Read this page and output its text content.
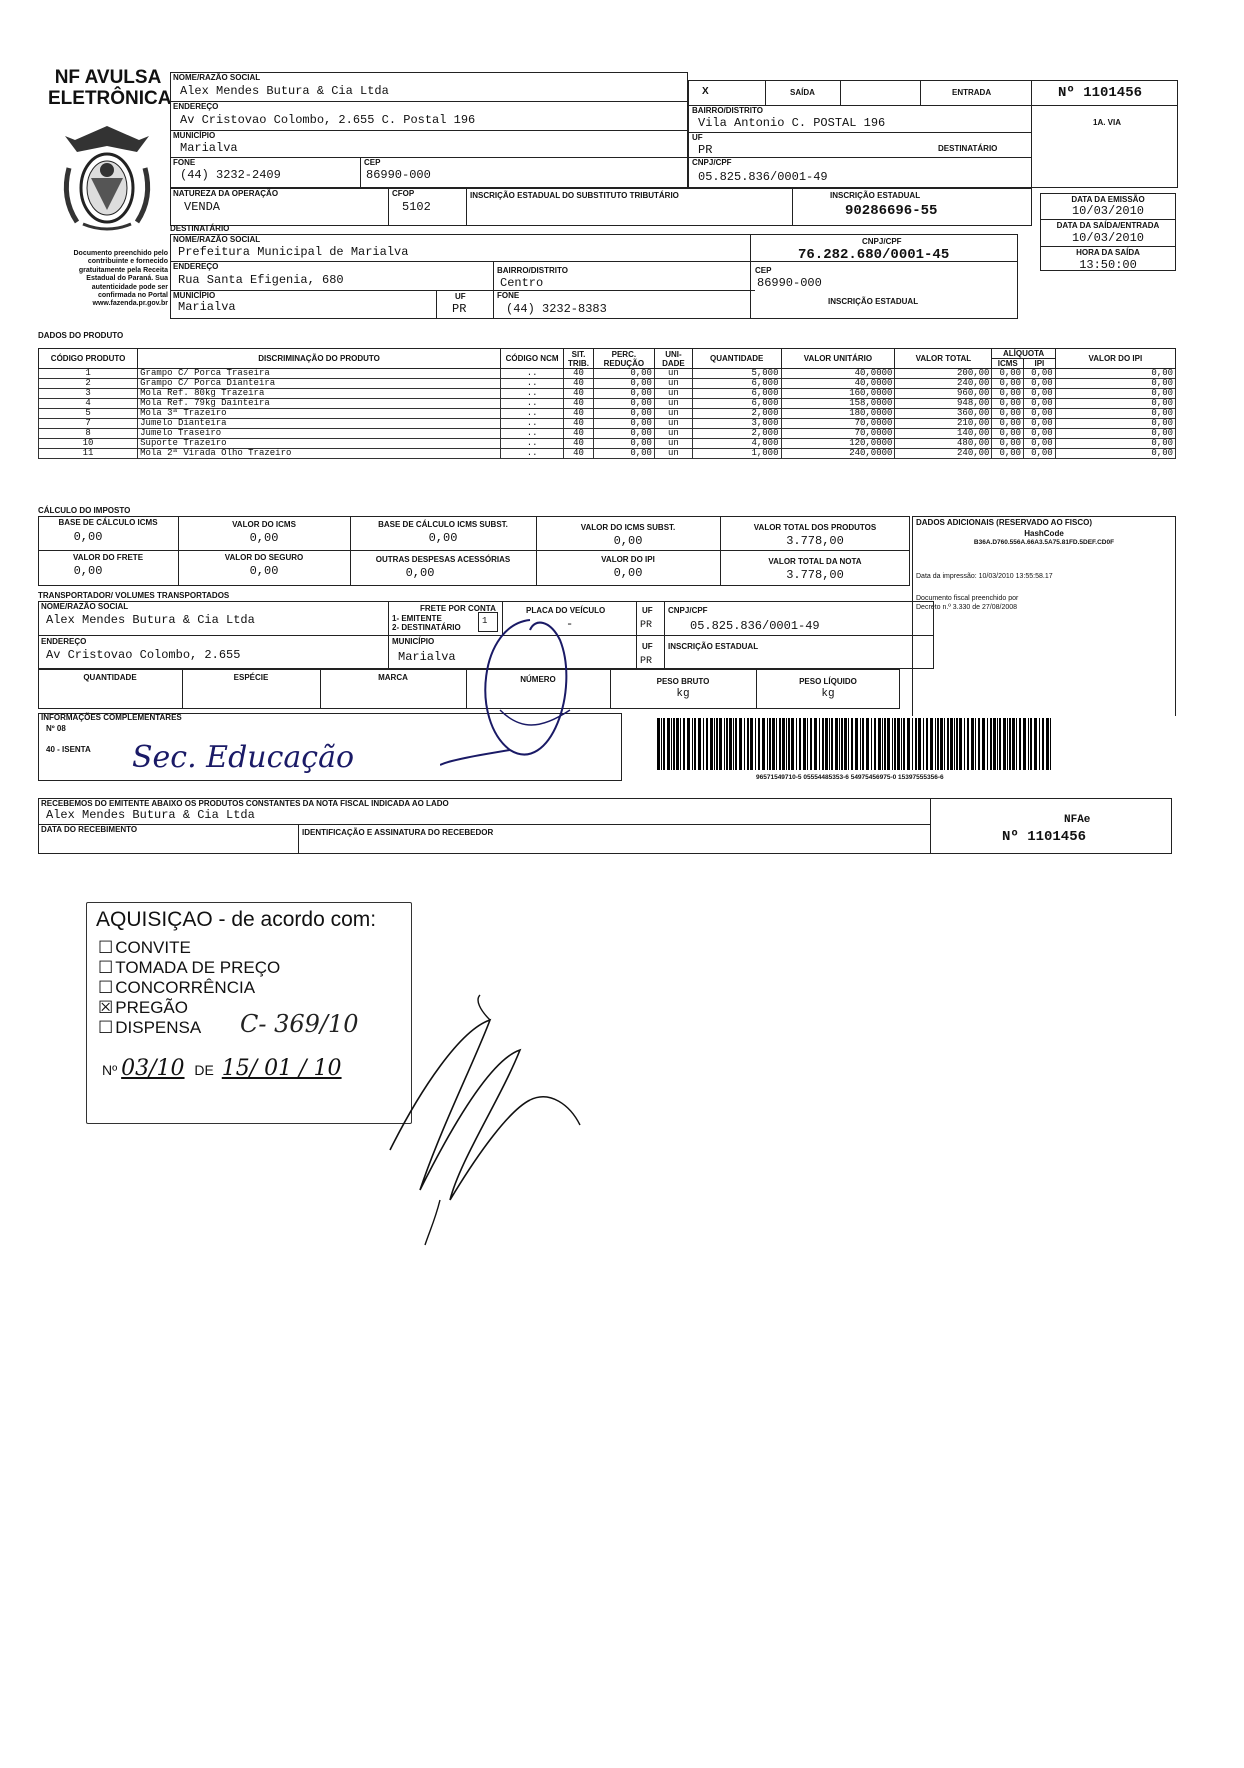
NF AVULSA
ELETRÔNICA
Documento preenchido pelo
contribuinte e fornecido
gratuitamente pela Receita
Estadual do Paraná. Sua
autenticidade pode ser
confirmada no Portal
www.fazenda.pr.gov.br
NOME/RAZÃO SOCIAL
Alex Mendes Butura & Cia Ltda
ENDEREÇO
Av Cristovao Colombo, 2.655 C. Postal 196
MUNICÍPIO
Marialva
FONE
(44) 3232-2409
CEP
86990-000
X	SAÍDA	ENTRADA	Nº 1101456
1A. VIA
BAIRRO/DISTRITO
Vila Antonio C. POSTAL 196
UF
PR	DESTINATÁRIO
CNPJ/CPF
05.825.836/0001-49
NATUREZA DA OPERAÇÃO
VENDA
CFOP
5102
INSCRIÇÃO ESTADUAL DO SUBSTITUTO TRIBUTÁRIO	INSCRIÇÃO ESTADUAL
90286696-55
DATA DA EMISSÃO
10/03/2010
DATA DA SAÍDA/ENTRADA
10/03/2010
HORA DA SAÍDA
13:50:00
DESTINATÁRIO
NOME/RAZÃO SOCIAL
Prefeitura Municipal de Marialva
CNPJ/CPF
76.282.680/0001-45
ENDEREÇO
Rua Santa Efigenia, 680
BAIRRO/DISTRITO
Centro
CEP
86990-000
MUNICÍPIO
Marialva
UF
PR
FONE
(44) 3232-8383
INSCRIÇÃO ESTADUAL
DADOS DO PRODUTO
CÓDIGO PRODUTO	DISCRIMINAÇÃO DO PRODUTO	CÓDIGO NCM	SIT. TRIB.	PERC. REDUÇÃO	UNI- DADE	QUANTIDADE	VALOR UNITÁRIO	VALOR TOTAL	ALÍQUOTA		VALOR DO IPI
									ICMS	IPI	
1	Grampo C/ Porca Traseira	..	40	0,00	un	5,000	40,0000	200,00	0,00	0,00	0,00
2	Grampo C/ Porca Dianteira	..	40	0,00	un	6,000	40,0000	240,00	0,00	0,00	0,00
3	Mola Ref. 80kg Trazeira	..	40	0,00	un	6,000	160,0000	960,00	0,00	0,00	0,00
4	Mola Ref. 79kg Dainteira	..	40	0,00	un	6,000	158,0000	948,00	0,00	0,00	0,00
5	Mola 3ª Trazeiro	..	40	0,00	un	2,000	180,0000	360,00	0,00	0,00	0,00
7	Jumelo Dianteira	..	40	0,00	un	3,000	70,0000	210,00	0,00	0,00	0,00
8	Jumelo Traseiro	..	40	0,00	un	2,000	70,0000	140,00	0,00	0,00	0,00
10	Suporte Trazeiro	..	40	0,00	un	4,000	120,0000	480,00	0,00	0,00	0,00
11	Mola 2ª Virada Olho Trazeiro	..	40	0,00	un	1,000	240,0000	240,00	0,00	0,00	0,00
CÁLCULO DO IMPOSTO
BASE DE CÁLCULO ICMS
0,00
VALOR DO ICMS
0,00
BASE DE CÁLCULO ICMS SUBST.
0,00
VALOR DO ICMS SUBST.
0,00
VALOR TOTAL DOS PRODUTOS
3.778,00
VALOR DO FRETE
0,00
VALOR DO SEGURO
0,00
OUTRAS DESPESAS ACESSÓRIAS
0,00
VALOR DO IPI
0,00
VALOR TOTAL DA NOTA
3.778,00
DADOS ADICIONAIS (RESERVADO AO FISCO)
HashCode
B36A.D760.556A.66A3.5A75.81FD.5DEF.CD0F
Data da impressão: 10/03/2010 13:55:58.17
Documento fiscal preenchido por
Decreto n.º 3.330 de 27/08/2008
TRANSPORTADOR/ VOLUMES TRANSPORTADOS
NOME/RAZÃO SOCIAL
Alex Mendes Butura & Cia Ltda
FRETE POR CONTA
1- EMITENTE
2- DESTINATÁRIO
1
PLACA DO VEÍCULO
-
UF
PR
CNPJ/CPF
05.825.836/0001-49
ENDEREÇO
Av Cristovao Colombo, 2.655
MUNICÍPIO
Marialva
UF
PR
INSCRIÇÃO ESTADUAL
QUANTIDADE	ESPÉCIE	MARCA	NÚMERO	PESO BRUTO
kg
PESO LÍQUIDO
kg
INFORMAÇÕES COMPLEMENTARES
Nº 08
40 - ISENTA Sec. Educação
96571549710-5 05554485353-6 54975456975-0 15397555356-6
RECEBEMOS DO EMITENTE ABAIXO OS PRODUTOS CONSTANTES DA NOTA FISCAL INDICADA AO LADO
Alex Mendes Butura & Cia Ltda
DATA DO RECEBIMENTO	IDENTIFICAÇÃO E ASSINATURA DO RECEBEDOR
NFAe
Nº 1101456
AQUISIÇAO - de acordo com:
☐ CONVITE
☐ TOMADA DE PREÇO
☐ CONCORRÊNCIA
☒ PREGÃO
☐ DISPENSA	C- 369/10
Nº 03/10 DE 15/ 01 / 10
